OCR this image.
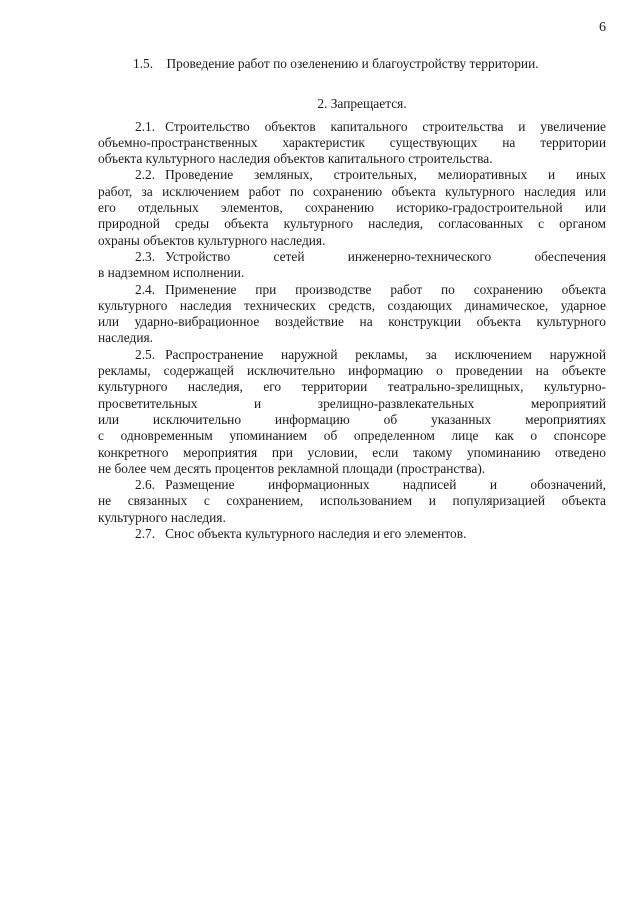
6
1.5. Проведение работ по озеленению и благоустройству территории.
2. Запрещается.
2.1. Строительство объектов капитального строительства и увеличение
объемно-пространственных характеристик существующих на территории
объекта культурного наследия объектов капитального строительства.
2.2. Проведение земляных, строительных, мелиоративных и иных
работ, за исключением работ по сохранению объекта культурного наследия или
его отдельных элементов, сохранению историко-градостроительной или
природной среды объекта культурного наследия, согласованных с органом
охраны объектов культурного наследия.
2.3. Устройство сетей инженерно-технического обеспечения
в надземном исполнении.
2.4. Применение при производстве работ по сохранению объекта
культурного наследия технических средств, создающих динамическое, ударное
или ударно-вибрационное воздействие на конструкции объекта культурного
наследия.
2.5. Распространение наружной рекламы, за исключением наружной
рекламы, содержащей исключительно информацию о проведении на объекте
культурного наследия, его территории театрально-зрелищных, культурно-
просветительных и зрелищно-развлекательных мероприятий
или исключительно информацию об указанных мероприятиях
с одновременным упоминанием об определенном лице как о спонсоре
конкретного мероприятия при условии, если такому упоминанию отведено
не более чем десять процентов рекламной площади (пространства).
2.6. Размещение информационных надписей и обозначений,
не связанных с сохранением, использованием и популяризацией объекта
культурного наследия.
2.7. Снос объекта культурного наследия и его элементов.
